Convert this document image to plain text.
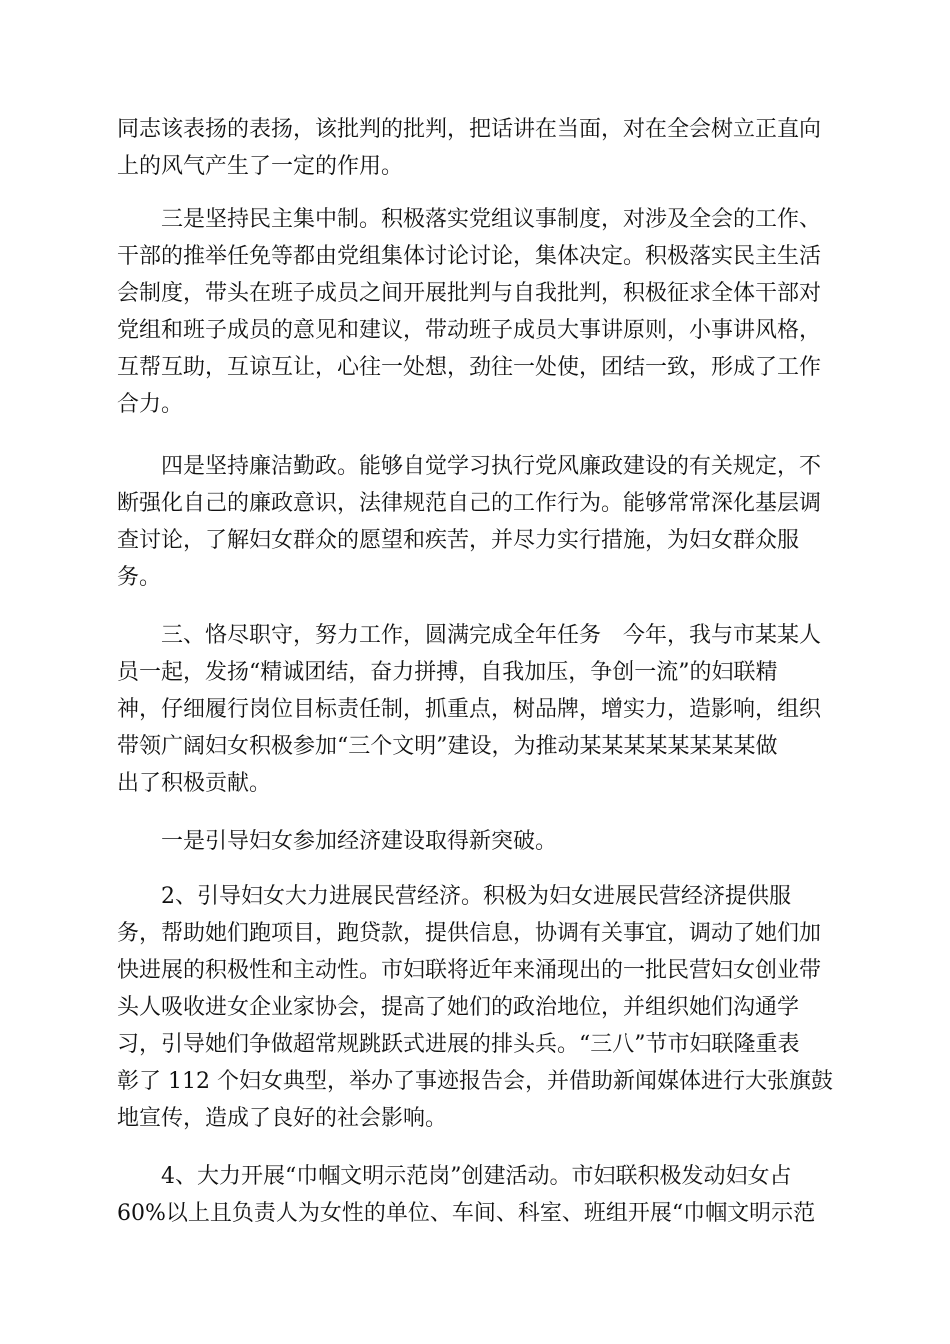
同志该表扬的表扬，该批判的批判，把话讲在当面，对在全会树立正直向
上的风气产生了一定的作用。
三是坚持民主集中制。积极落实党组议事制度，对涉及全会的工作、
干部的推举任免等都由党组集体讨论讨论，集体决定。积极落实民主生活
会制度，带头在班子成员之间开展批判与自我批判，积极征求全体干部对
党组和班子成员的意见和建议，带动班子成员大事讲原则，小事讲风格，
互帮互助，互谅互让，心往一处想，劲往一处使，团结一致，形成了工作
合力。
四是坚持廉洁勤政。能够自觉学习执行党风廉政建设的有关规定，不
断强化自己的廉政意识，法律规范自己的工作行为。能够常常深化基层调
查讨论，了解妇女群众的愿望和疾苦，并尽力实行措施，为妇女群众服
务。
三、恪尽职守，努力工作，圆满完成全年任务　今年，我与市某某人
员一起，发扬“精诚团结，奋力拼搏，自我加压，争创一流”的妇联精
神，仔细履行岗位目标责任制，抓重点，树品牌，增实力，造影响，组织
带领广阔妇女积极参加“三个文明”建设，为推动某某某某某某某某做
出了积极贡献。
一是引导妇女参加经济建设取得新突破。
2、引导妇女大力进展民营经济。积极为妇女进展民营经济提供服
务，帮助她们跑项目，跑贷款，提供信息，协调有关事宜，调动了她们加
快进展的积极性和主动性。市妇联将近年来涌现出的一批民营妇女创业带
头人吸收进女企业家协会，提高了她们的政治地位，并组织她们沟通学
习，引导她们争做超常规跳跃式进展的排头兵。“三八”节市妇联隆重表
彰了 112 个妇女典型，举办了事迹报告会，并借助新闻媒体进行大张旗鼓
地宣传，造成了良好的社会影响。
4、大力开展“巾帼文明示范岗”创建活动。市妇联积极发动妇女占
60%以上且负责人为女性的单位、车间、科室、班组开展“巾帼文明示范
